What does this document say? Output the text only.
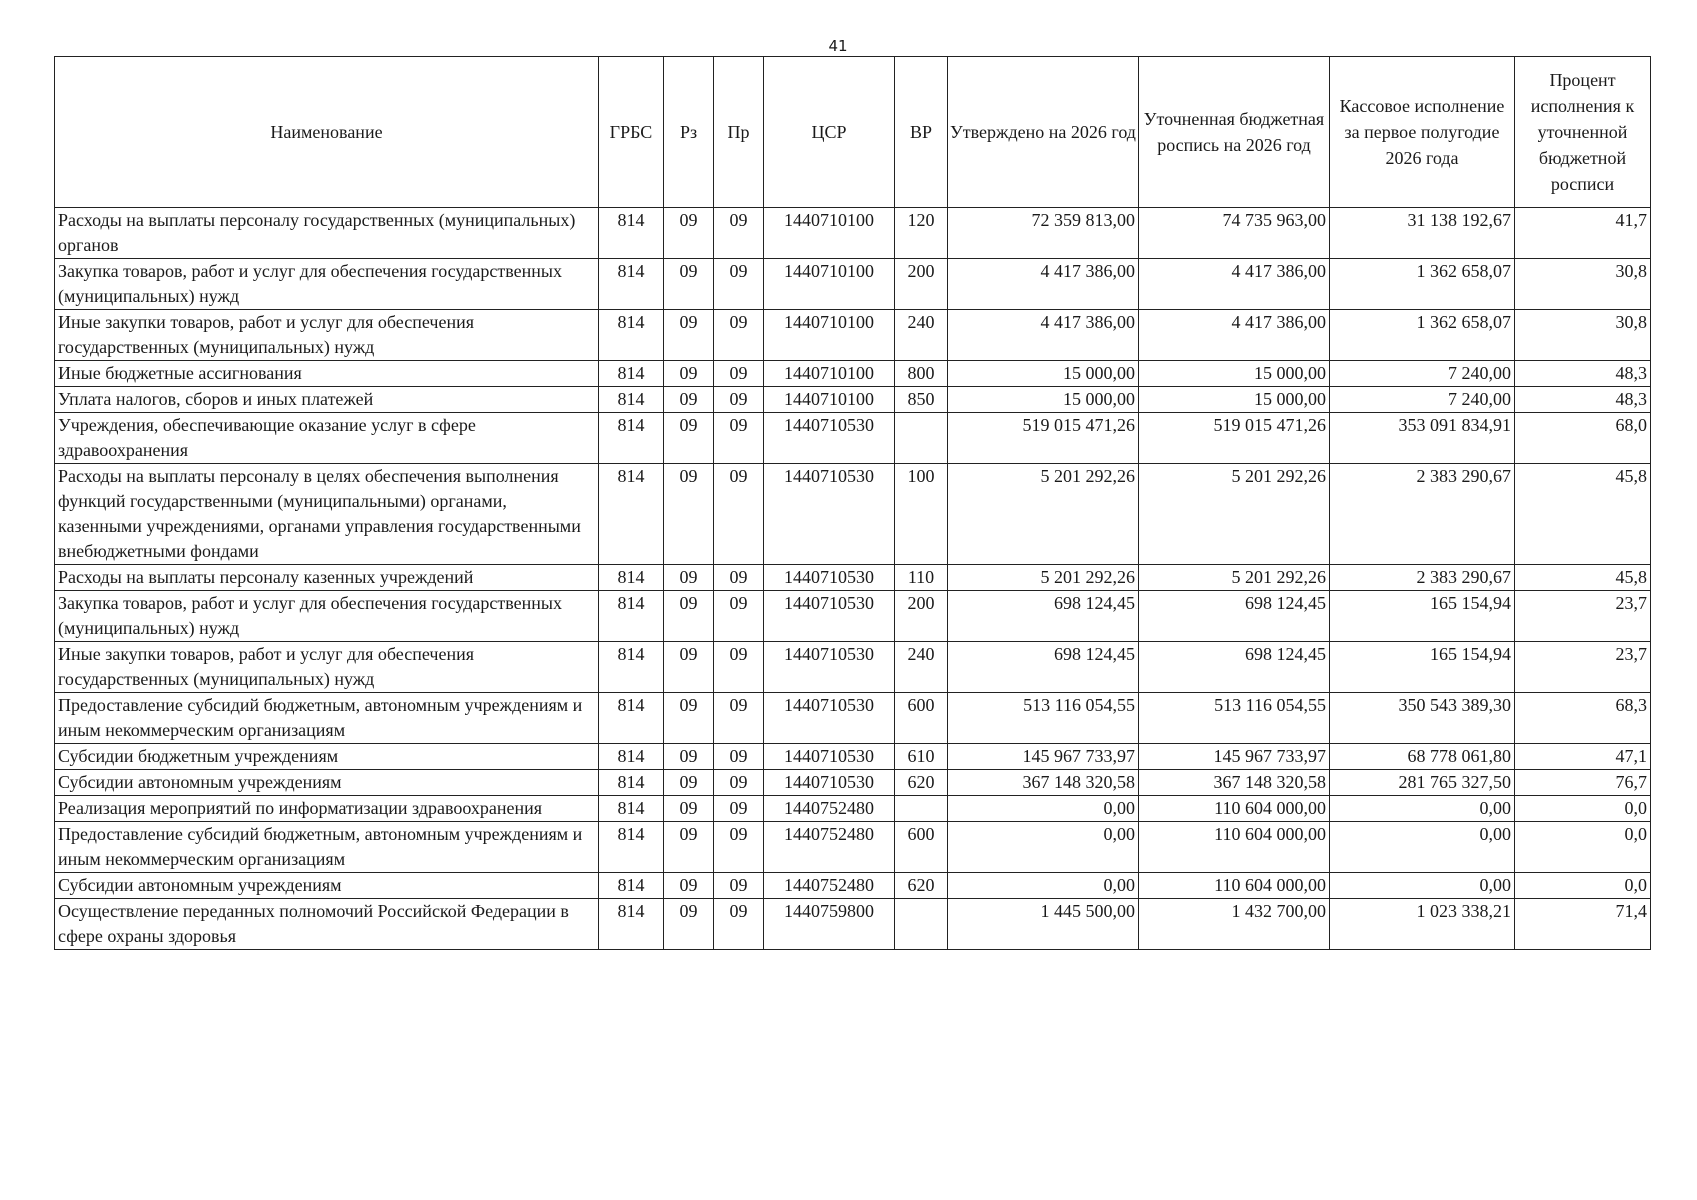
41
Наименование	ГРБС	Рз	Пр	ЦСР	ВР	Утверждено на 2026 год	Уточненная бюджетная роспись на 2026 год	Кассовое исполнение за первое полугодие 2026 года	Процент исполнения к уточненной бюджетной росписи
Расходы на выплаты персоналу государственных (муниципальных) органов	814	09	09	1440710100	120	72 359 813,00	74 735 963,00	31 138 192,67	41,7
Закупка товаров, работ и услуг для обеспечения государственных (муниципальных) нужд	814	09	09	1440710100	200	4 417 386,00	4 417 386,00	1 362 658,07	30,8
Иные закупки товаров, работ и услуг для обеспечения государственных (муниципальных) нужд	814	09	09	1440710100	240	4 417 386,00	4 417 386,00	1 362 658,07	30,8
Иные бюджетные ассигнования	814	09	09	1440710100	800	15 000,00	15 000,00	7 240,00	48,3
Уплата налогов, сборов и иных платежей	814	09	09	1440710100	850	15 000,00	15 000,00	7 240,00	48,3
Учреждения, обеспечивающие оказание услуг в сфере здравоохранения	814	09	09	1440710530		519 015 471,26	519 015 471,26	353 091 834,91	68,0
Расходы на выплаты персоналу в целях обеспечения выполнения функций государственными (муниципальными) органами, казенными учреждениями, органами управления государственными внебюджетными фондами	814	09	09	1440710530	100	5 201 292,26	5 201 292,26	2 383 290,67	45,8
Расходы на выплаты персоналу казенных учреждений	814	09	09	1440710530	110	5 201 292,26	5 201 292,26	2 383 290,67	45,8
Закупка товаров, работ и услуг для обеспечения государственных (муниципальных) нужд	814	09	09	1440710530	200	698 124,45	698 124,45	165 154,94	23,7
Иные закупки товаров, работ и услуг для обеспечения государственных (муниципальных) нужд	814	09	09	1440710530	240	698 124,45	698 124,45	165 154,94	23,7
Предоставление субсидий бюджетным, автономным учреждениям и иным некоммерческим организациям	814	09	09	1440710530	600	513 116 054,55	513 116 054,55	350 543 389,30	68,3
Субсидии бюджетным учреждениям	814	09	09	1440710530	610	145 967 733,97	145 967 733,97	68 778 061,80	47,1
Субсидии автономным учреждениям	814	09	09	1440710530	620	367 148 320,58	367 148 320,58	281 765 327,50	76,7
Реализация мероприятий по информатизации здравоохранения	814	09	09	1440752480		0,00	110 604 000,00	0,00	0,0
Предоставление субсидий бюджетным, автономным учреждениям и иным некоммерческим организациям	814	09	09	1440752480	600	0,00	110 604 000,00	0,00	0,0
Субсидии автономным учреждениям	814	09	09	1440752480	620	0,00	110 604 000,00	0,00	0,0
Осуществление переданных полномочий Российской Федерации в сфере охраны здоровья	814	09	09	1440759800		1 445 500,00	1 432 700,00	1 023 338,21	71,4
